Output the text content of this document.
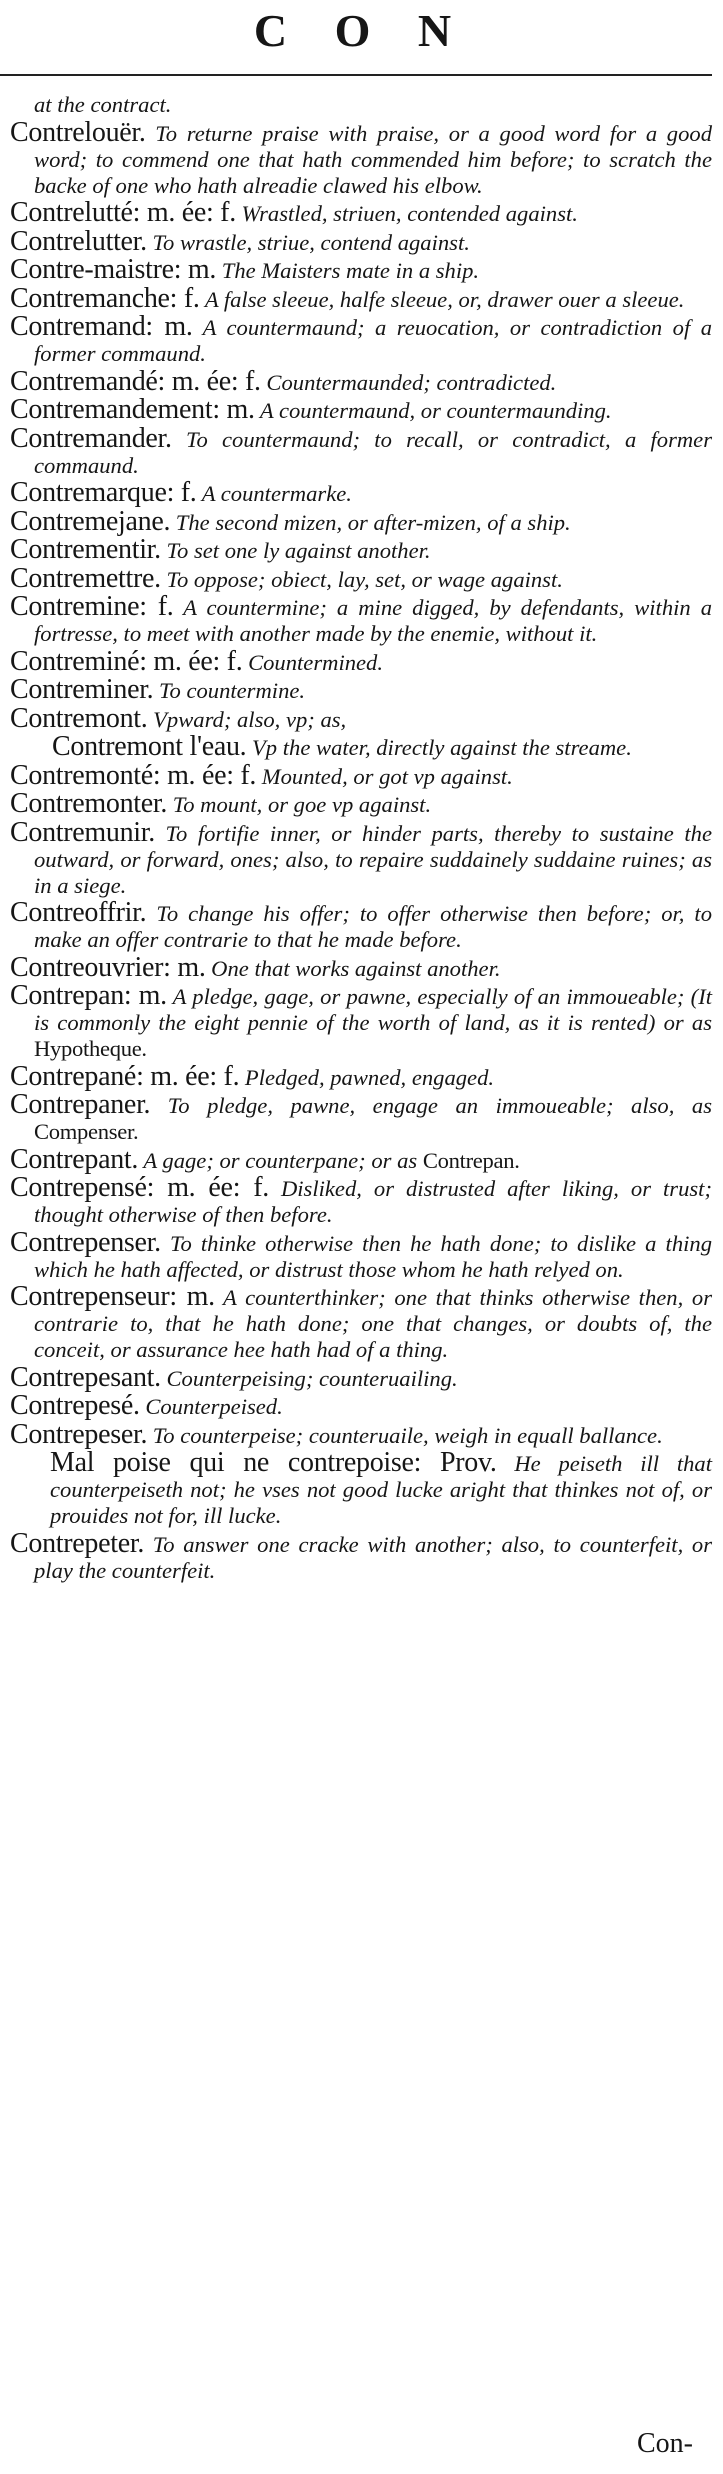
C O N
at the contract.
Contrelouër. To returne praise with praise, or a good word for a good word; to commend one that hath commended him before; to scratch the backe of one who hath alreadie clawed his elbow.
Contrelutté: m. ée: f. Wrastled, striuen, contended against.
Contrelutter. To wrastle, striue, contend against.
Contre-maistre: m. The Maisters mate in a ship.
Contremanche: f. A false sleeue, halfe sleeue, or, drawer ouer a sleeue.
Contremand: m. A countermaund; a reuocation, or contradiction of a former commaund.
Contremandé: m. ée: f. Countermaunded; contradicted.
Contremandement: m. A countermaund, or countermaunding.
Contremander. To countermaund; to recall, or contradict, a former commaund.
Contremarque: f. A countermarke.
Contremejane. The second mizen, or after-mizen, of a ship.
Contrementir. To set one ly against another.
Contremettre. To oppose; obiect, lay, set, or wage against.
Contremine: f. A countermine; a mine digged, by defendants, within a fortresse, to meet with another made by the enemie, without it.
Contreminé: m. ée: f. Countermined.
Contreminer. To countermine.
Contremont. Vpward; also, vp; as,
Contremont l'eau. Vp the water, directly against the streame.
Contremonté: m. ée: f. Mounted, or got vp against.
Contremonter. To mount, or goe vp against.
Contremunir. To fortifie inner, or hinder parts, thereby to sustaine the outward, or forward, ones; also, to repaire suddainely suddaine ruines; as in a siege.
Contreoffrir. To change his offer; to offer otherwise then before; or, to make an offer contrarie to that he made before.
Contreouvrier: m. One that works against another.
Contrepan: m. A pledge, gage, or pawne, especially of an immoueable; (It is commonly the eight pennie of the worth of land, as it is rented) or as Hypotheque.
Contrepané: m. ée: f. Pledged, pawned, engaged.
Contrepaner. To pledge, pawne, engage an immoueable; also, as Compenser.
Contrepant. A gage; or counterpane; or as Contrepan.
Contrepensé: m. ée: f. Disliked, or distrusted after liking, or trust; thought otherwise of then before.
Contrepenser. To thinke otherwise then he hath done; to dislike a thing which he hath affected, or distrust those whom he hath relyed on.
Contrepenseur: m. A counterthinker; one that thinks otherwise then, or contrarie to, that he hath done; one that changes, or doubts of, the conceit, or assurance hee hath had of a thing.
Contrepesant. Counterpeising; counteruailing.
Contrepesé. Counterpeised.
Contrepeser. To counterpeise; counteruaile, weigh in equall ballance.
Mal poise qui ne contrepoise: Prov. He peiseth ill that counterpeiseth not; he vses not good lucke aright that thinkes not of, or prouides not for, ill lucke.
Contrepeter. To answer one cracke with another; also, to counterfeit, or play the counterfeit.
Con-
